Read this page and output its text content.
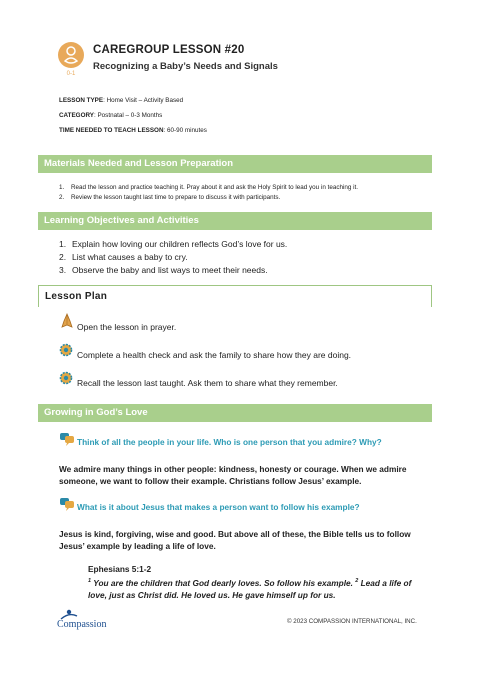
0-1
CAREGROUP LESSON #20
Recognizing a Baby’s Needs and Signals
LESSON TYPE: Home Visit – Activity Based
CATEGORY: Postnatal – 0-3 Months
TIME NEEDED TO TEACH LESSON: 60-90 minutes
Materials Needed and Lesson Preparation
1. Read the lesson and practice teaching it. Pray about it and ask the Holy Spirit to lead you in teaching it.
2. Review the lesson taught last time to prepare to discuss it with participants.
Learning Objectives and Activities
1. Explain how loving our children reflects God’s love for us.
2. List what causes a baby to cry.
3. Observe the baby and list ways to meet their needs.
Lesson Plan
Open the lesson in prayer.
Complete a health check and ask the family to share how they are doing.
Recall the lesson last taught. Ask them to share what they remember.
Growing in God’s Love
Think of all the people in your life. Who is one person that you admire? Why?
We admire many things in other people: kindness, honesty or courage. When we admire someone, we want to follow their example. Christians follow Jesus’ example.
What is it about Jesus that makes a person want to follow his example?
Jesus is kind, forgiving, wise and good. But above all of these, the Bible tells us to follow Jesus’ example by leading a life of love.
Ephesians 5:1-2
$^1$ You are the children that God dearly loves. So follow his example. $^2$ Lead a life of love, just as Christ did. He loved us. He gave himself up for us.
Compassion	© 2023 COMPASSION INTERNATIONAL, INC.
